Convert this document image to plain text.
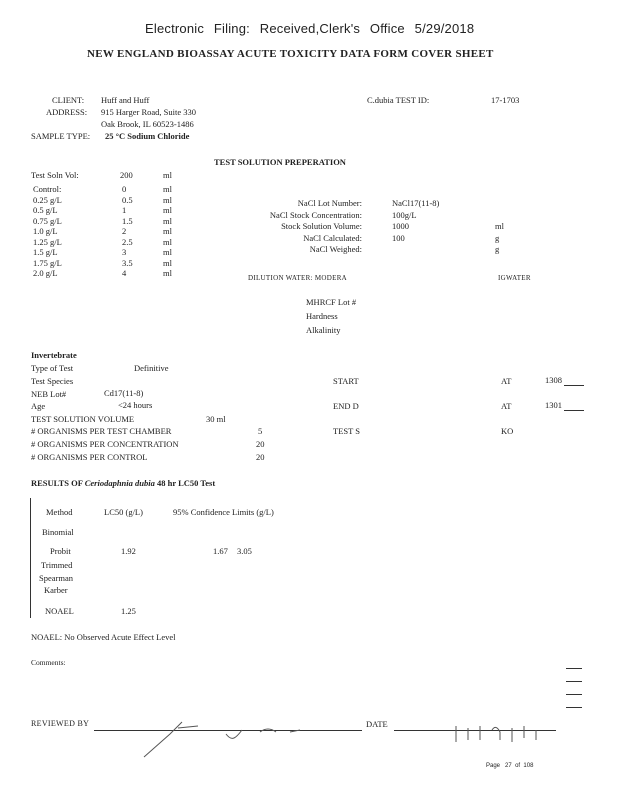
Electronic Filing: Received,Clerk's Office 5/29/2018
NEW ENGLAND BIOASSAY ACUTE TOXICITY DATA FORM COVER SHEET
CLIENT: Huff and Huff
ADDRESS: 915 Harger Road, Suite 330
Oak Brook, IL 60523-1486
SAMPLE TYPE: 25 °C Sodium Chloride
C.dubia TEST ID:	17-1703
TEST SOLUTION PREPERATION
Test Soln Vol:	200	ml
Control:	0	ml
0.25 g/L	0.5	ml
0.5 g/L	1	ml
0.75 g/L	1.5	ml
1.0 g/L	2	ml
1.25 g/L	2.5	ml
1.5 g/L	3	ml
1.75 g/L	3.5	ml
2.0 g/L	4	ml
NaCl Lot Number:	NaCl17(11-8)
NaCl Stock Concentration:	100g/L
Stock Solution Volume:	1000	ml
NaCl Calculated:	100	g
NaCl Weighed:	g
DILUTION WATER: MODERA	IGWATER
MHRCF Lot #
Hardness
Alkalinity
Invertebrate
Type of Test	Definitive
Test Species
NEB Lot#	Cd17(11-8)
Age	<24 hours
TEST SOLUTION VOLUME	30 ml
# ORGANISMS PER TEST CHAMBER	5
# ORGANISMS PER CONCENTRATION	20
# ORGANISMS PER CONTROL	20
START	AT	1308
END D	AT	1301
TEST S	KO
RESULTS OF Ceriodaphnia dubia 48 hr LC50 Test
Method	LC50 (g/L)	95% Confidence Limits (g/L)
Binomial
Probit	1.92	1.67 3.05
Trimmed
Spearman
Karber
NOAEL	1.25
NOAEL: No Observed Acute Effect Level
Comments:
REVIEWED BY	DATE
Page 27 of 108
